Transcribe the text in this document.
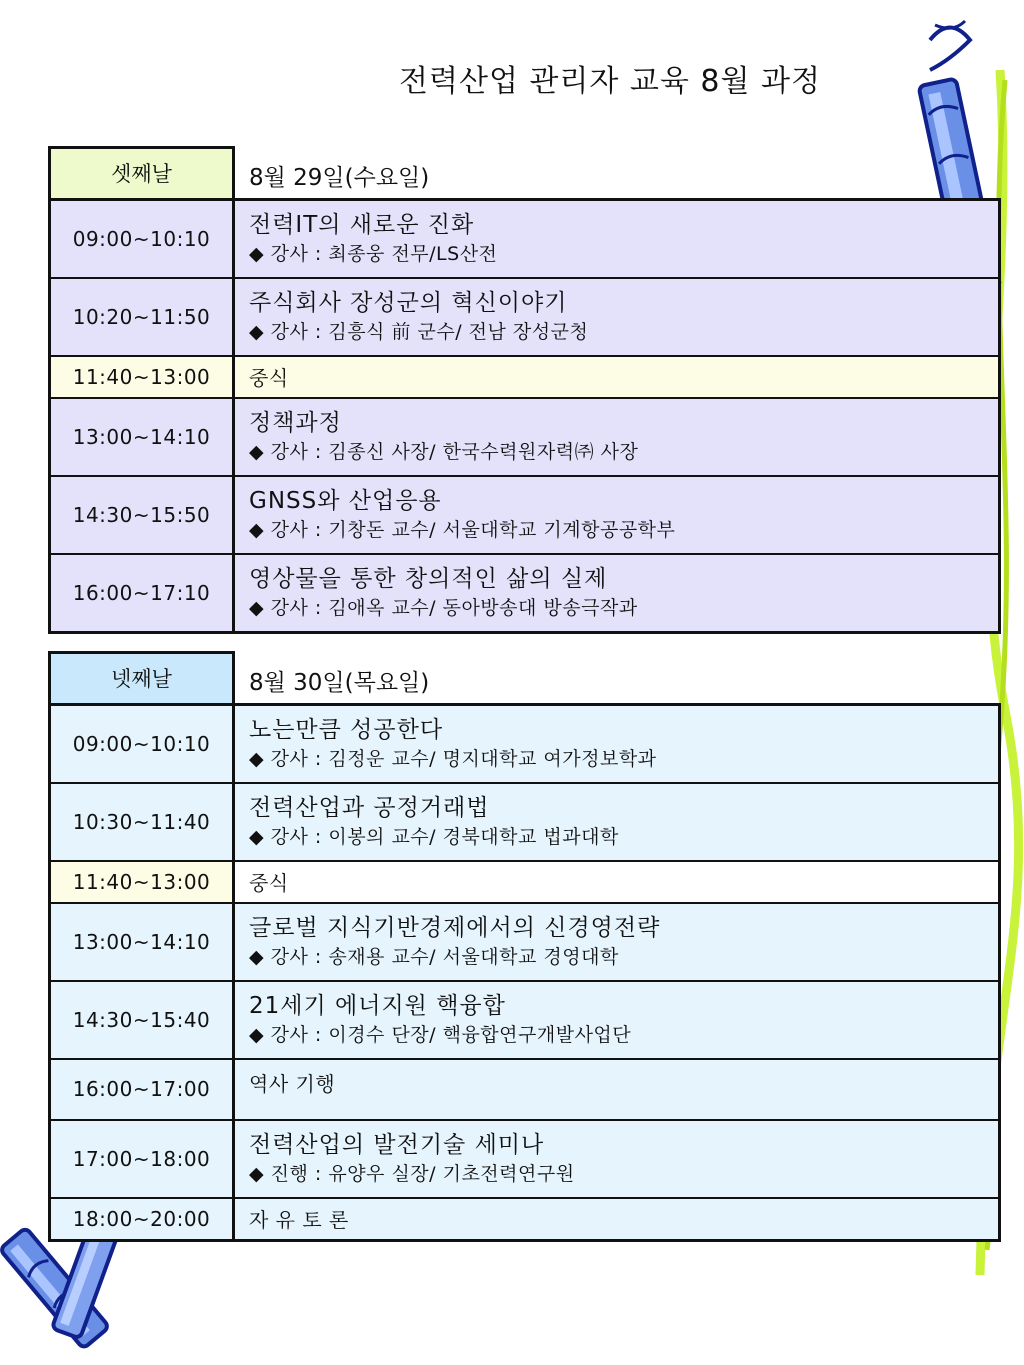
전력산업 관리자 교육 8월 과정
셋째날	8월 29일(수요일)
09:00~10:10	전력IT의 새로운 진화
◆ 강사 : 최종웅 전무/LS산전

10:20~11:50	주식회사 장성군의 혁신이야기
◆ 강사 : 김흥식 前 군수/ 전남 장성군청

11:40~13:00	중식
13:00~14:10	정책과정
◆ 강사 : 김종신 사장/ 한국수력원자력㈜ 사장

14:30~15:50	GNSS와 산업응용
◆ 강사 : 기창돈 교수/ 서울대학교 기계항공공학부

16:00~17:10	영상물을 통한 창의적인 삶의 실제
◆ 강사 : 김애옥 교수/ 동아방송대 방송극작과
넷째날	8월 30일(목요일)
09:00~10:10	노는만큼 성공한다
◆ 강사 : 김정운 교수/ 명지대학교 여가정보학과

10:30~11:40	전력산업과 공정거래법
◆ 강사 : 이봉의 교수/ 경북대학교 법과대학

11:40~13:00	중식
13:00~14:10	글로벌 지식기반경제에서의 신경영전략
◆ 강사 : 송재용 교수/ 서울대학교 경영대학

14:30~15:40	21세기 에너지원 핵융합
◆ 강사 : 이경수 단장/ 핵융합연구개발사업단

16:00~17:00	역사 기행
17:00~18:00	전력산업의 발전기술 세미나
◆ 진행 : 유양우 실장/ 기초전력연구원

18:00~20:00	자 유 토 론
